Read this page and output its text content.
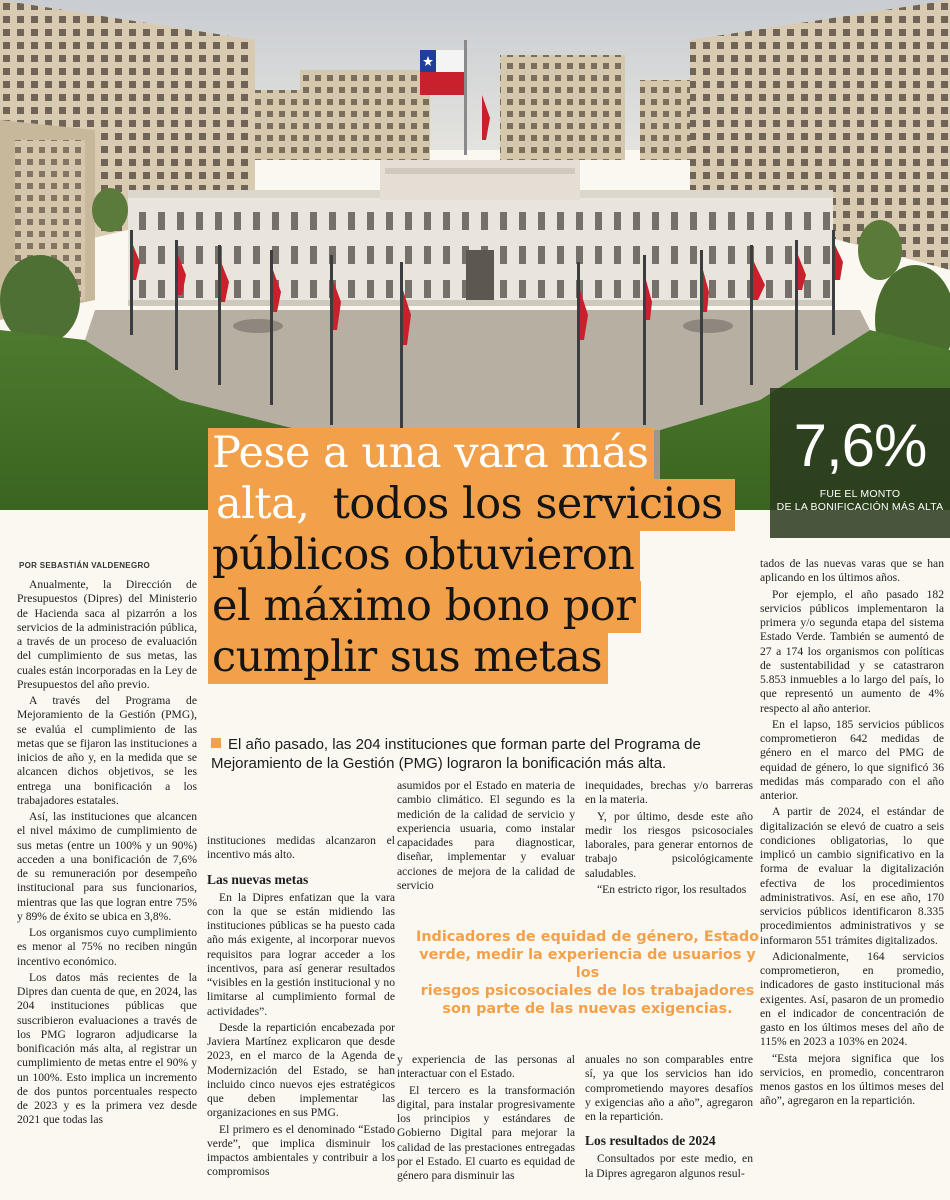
7,6%
FUE EL MONTO
DE LA BONIFICACIÓN MÁS ALTA
Pese a una vara más
alta, todos los servicios
públicos obtuvieron
el máximo bono por
cumplir sus metas
POR SEBASTIÁN VALDENEGRO
El año pasado, las 204 instituciones que forman parte del Programa de Mejoramiento de la Gestión (PMG) lograron la bonificación más alta.
Indicadores de equidad de género, Estado
verde, medir la experiencia de usuarios y los
riesgos psicosociales de los trabajadores
son parte de las nuevas exigencias.

Anualmente, la Dirección de Presupuestos (Dipres) del Ministerio de Hacienda saca al pizarrón a los servicios de la administración pública, a través de un proceso de evaluación del cumplimiento de sus metas, las cuales están incorporadas en la Ley de Presupuestos del año previo.

A través del Programa de Mejoramiento de la Gestión (PMG), se evalúa el cumplimiento de las metas que se fijaron las instituciones a inicios de año y, en la medida que se alcancen dichos objetivos, se les entrega una bonificación a los trabajadores estatales.

Así, las instituciones que alcancen el nivel máximo de cumplimiento de sus metas (entre un 100% y un 90%) acceden a una bonificación de 7,6% de su remuneración por desempeño institucional para sus funcionarios, mientras que las que logran entre 75% y 89% de éxito se ubica en 3,8%.

Los organismos cuyo cumplimiento es menor al 75% no reciben ningún incentivo económico.

Los datos más recientes de la Dipres dan cuenta de que, en 2024, las 204 instituciones públicas que suscribieron evaluaciones a través de los PMG lograron adjudicarse la bonificación más alta, al registrar un cumplimiento de metas entre el 90% y un 100%. Esto implica un incremento de dos puntos porcentuales respecto de 2023 y es la primera vez desde 2021 que todas las

instituciones medidas alcanzaron el incentivo más alto.

Las nuevas metas

En la Dipres enfatizan que la vara con la que se están midiendo las instituciones públicas se ha puesto cada año más exigente, al incorporar nuevos requisitos para lograr acceder a los incentivos, para así generar resultados “visibles en la gestión institucional y no limitarse al cumplimiento formal de actividades”.

Desde la repartición encabezada por Javiera Martínez explicaron que desde 2023, en el marco de la Agenda de Modernización del Estado, se han incluido cinco nuevos ejes estratégicos que deben implementar las organizaciones en sus PMG.

El primero es el denominado “Estado verde”, que implica disminuir los impactos ambientales y contribuir a los compromisos

asumidos por el Estado en materia de cambio climático. El segundo es la medición de la calidad de servicio y experiencia usuaria, como instalar capacidades para diagnosticar, diseñar, implementar y evaluar acciones de mejora de la calidad de servicio

y experiencia de las personas al interactuar con el Estado.

El tercero es la transformación digital, para instalar progresivamente los principios y estándares de Gobierno Digital para mejorar la calidad de las prestaciones entregadas por el Estado. El cuarto es equidad de género para disminuir las

inequidades, brechas y/o barreras en la materia.

Y, por último, desde este año medir los riesgos psicosociales laborales, para generar entornos de trabajo psicológicamente saludables.

“En estricto rigor, los resultados

anuales no son comparables entre sí, ya que los servicios han ido comprometiendo mayores desafíos y exigencias año a año”, agregaron en la repartición.

Los resultados de 2024

Consultados por este medio, en la Dipres agregaron algunos resul-

tados de las nuevas varas que se han aplicando en los últimos años.

Por ejemplo, el año pasado 182 servicios públicos implementaron la primera y/o segunda etapa del sistema Estado Verde. También se aumentó de 27 a 174 los organismos con políticas de sustentabilidad y se catastraron 5.853 inmuebles a lo largo del país, lo que representó un aumento de 4% respecto al año anterior.

En el lapso, 185 servicios públicos comprometieron 642 medidas de género en el marco del PMG de equidad de género, lo que significó 36 medidas más comparado con el año anterior.

A partir de 2024, el estándar de digitalización se elevó de cuatro a seis condiciones obligatorias, lo que implicó un cambio significativo en la forma de evaluar la digitalización efectiva de los procedimientos administrativos. Así, en ese año, 170 servicios públicos identificaron 8.335 procedimientos administrativos y se informaron 551 trámites digitalizados.

Adicionalmente, 164 servicios comprometieron, en promedio, indicadores de gasto institucional más exigentes. Así, pasaron de un promedio en el indicador de concentración de gasto en los últimos meses del año de 115% en 2023 a 103% en 2024.

“Esta mejora significa que los servicios, en promedio, concentraron menos gastos en los últimos meses del año”, agregaron en la repartición.
